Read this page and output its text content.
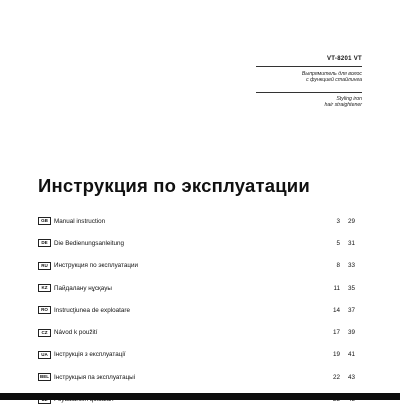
VT-8201 VT
Выпрямитель для волос
с функцией стайлинга
Styling iron
hair straightener
Инструкция по эксплуатации
GB Manual instruction	3 29
DE	Die Bedienungsanleitung	5 31
RU Инструкция по эксплуатации	8 33
KZ	Пайдалану нұсқауы	11 35
RO Instrucţiunea de exploatare	14 37
CZ	Návod k použití	17 39
UA Інструкція з експлуатації	19 41
BEL Інструкцыя па эксплуатацыі	22 43
